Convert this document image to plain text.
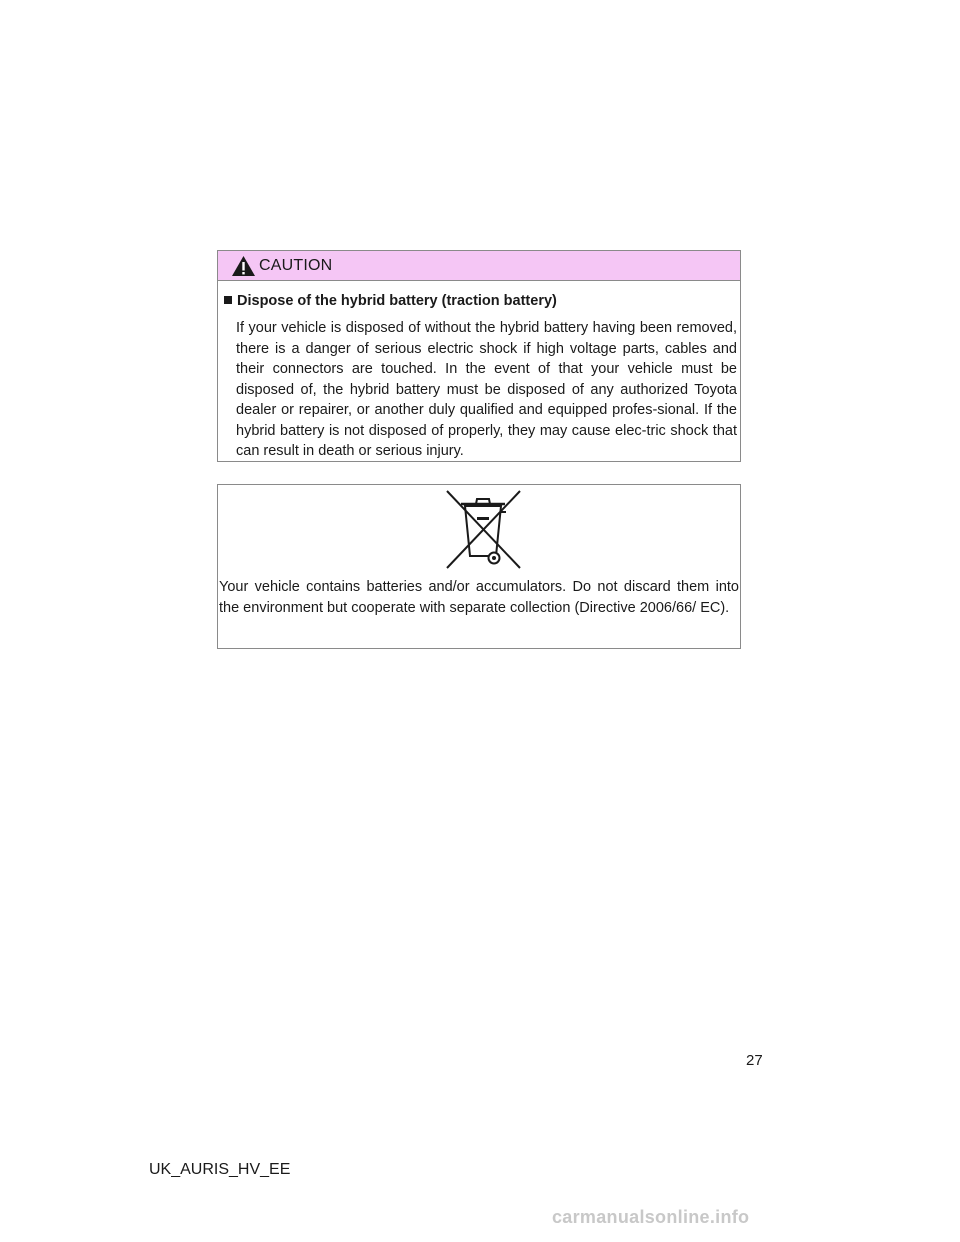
CAUTION
Dispose of the hybrid battery (traction battery)

If your vehicle is disposed of without the hybrid battery having been removed, there is a danger of serious electric shock if high voltage parts, cables and their connectors are touched. In the event of that your vehicle must be disposed of, the hybrid battery must be disposed of any authorized Toyota dealer or repairer, or another duly qualified and equipped profes-sional. If the hybrid battery is not disposed of properly, they may cause elec-tric shock that can result in death or serious injury.

Your vehicle contains batteries and/or accumulators. Do not discard them into the environment but cooperate with separate collection (Directive 2006/66/ EC).

27
UK_AURIS_HV_EE
carmanualsonline.info
